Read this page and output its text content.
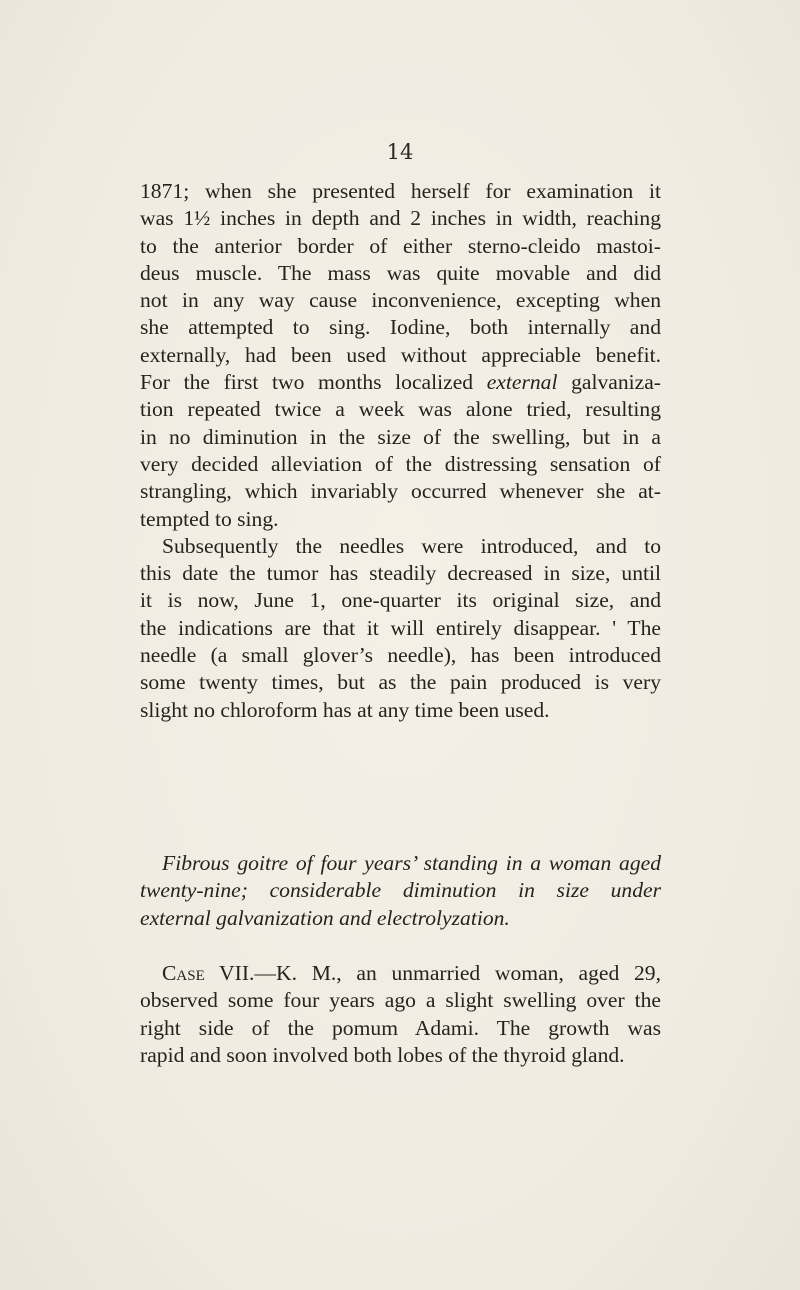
14
1871; when she presented herself for examination it
was 1½ inches in depth and 2 inches in width, reaching
to the anterior border of either sterno-cleido mastoi-
deus muscle. The mass was quite movable and did
not in any way cause inconvenience, excepting when
she attempted to sing. Iodine, both internally and
externally, had been used without appreciable benefit.
For the first two months localized external galvaniza-
tion repeated twice a week was alone tried, resulting
in no diminution in the size of the swelling, but in a
very decided alleviation of the distressing sensation of
strangling, which invariably occurred whenever she at-
tempted to sing.
Subsequently the needles were introduced, and to
this date the tumor has steadily decreased in size, until
it is now, June 1, one-quarter its original size, and
the indications are that it will entirely disappear. ' The
needle (a small glover’s needle), has been introduced
some twenty times, but as the pain produced is very
slight no chloroform has at any time been used.
Fibrous goitre of four years’ standing in a woman aged
twenty-nine; considerable diminution in size under
external galvanization and electrolyzation.
Case VII.—K. M., an unmarried woman, aged 29,
observed some four years ago a slight swelling over the
right side of the pomum Adami. The growth was
rapid and soon involved both lobes of the thyroid gland.
